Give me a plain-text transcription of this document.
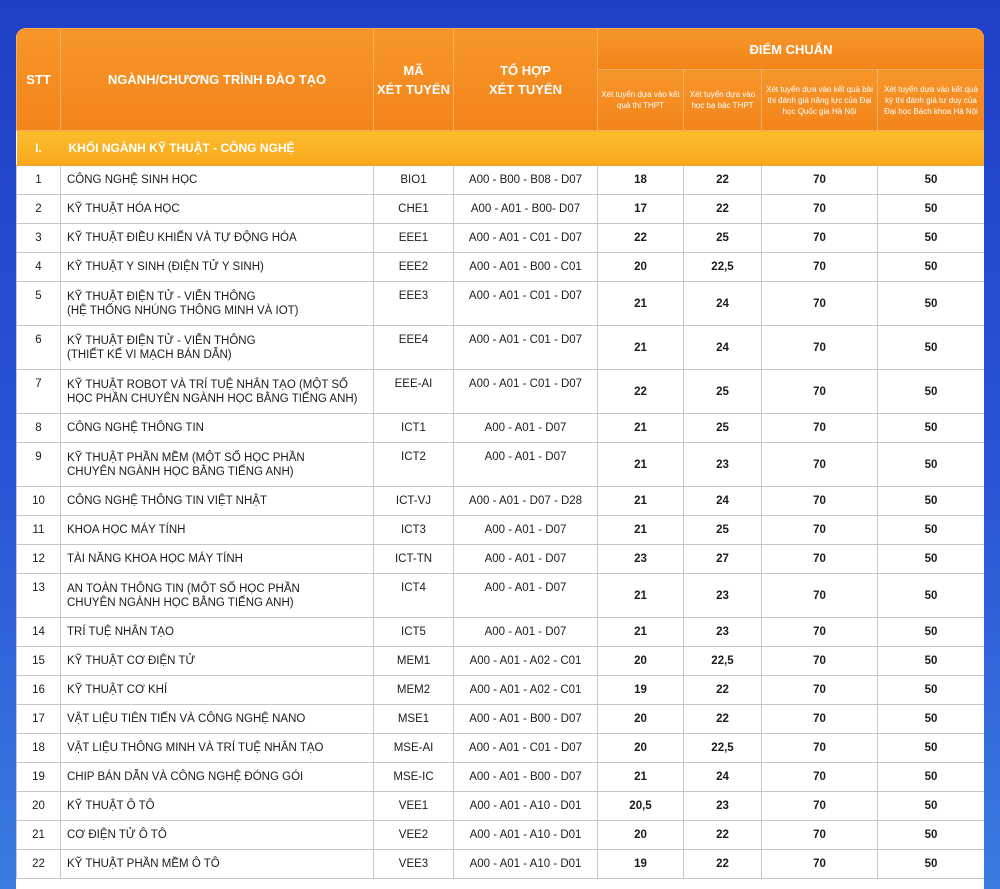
STT	NGÀNH/CHƯƠNG TRÌNH ĐÀO TẠO	MÃ
XÉT TUYỂN	TỔ HỢP
XÉT TUYỂN	ĐIỂM CHUẨN			
				Xét tuyển dựa vào kết quả thi THPT	Xét tuyển dựa vào học bạ bậc THPT	Xét tuyển dựa vào kết quả bài thi đánh giá năng lực của Đại học Quốc gia Hà Nội	Xét tuyển dựa vào kết quả kỳ thi đánh giá tư duy của Đại học Bách khoa Hà Nội
I.	KHỐI NGÀNH KỸ THUẬT - CÔNG NGHỆ						
1	CÔNG NGHỆ SINH HỌC	BIO1	A00 - B00 - B08 - D07	18	22	70	50
2	KỸ THUẬT HÓA HỌC	CHE1	A00 - A01 - B00- D07	17	22	70	50
3	KỸ THUẬT ĐIỀU KHIỂN VÀ TỰ ĐỘNG HÓA	EEE1	A00 - A01 - C01 - D07	22	25	70	50
4	KỸ THUẬT Y SINH (ĐIỆN TỬ Y SINH)	EEE2	A00 - A01 - B00 - C01	20	22,5	70	50
5	KỸ THUẬT ĐIỆN TỬ - VIỄN THÔNG
(HỆ THỐNG NHÚNG THÔNG MINH VÀ IOT)	EEE3	A00 - A01 - C01 - D07	21	24	70	50
6	KỸ THUẬT ĐIỆN TỬ - VIỄN THÔNG
(THIẾT KẾ VI MẠCH BÁN DẪN)	EEE4	A00 - A01 - C01 - D07	21	24	70	50
7	KỸ THUẬT ROBOT VÀ TRÍ TUỆ NHÂN TẠO (MỘT SỐ
HỌC PHẦN CHUYÊN NGÀNH HỌC BẰNG TIẾNG ANH)	EEE-AI	A00 - A01 - C01 - D07	22	25	70	50
8	CÔNG NGHỆ THÔNG TIN	ICT1	A00 - A01 - D07	21	25	70	50
9	KỸ THUẬT PHẦN MỀM (MỘT SỐ HỌC PHẦN
CHUYÊN NGÀNH HỌC BẰNG TIẾNG ANH)	ICT2	A00 - A01 - D07	21	23	70	50
10	CÔNG NGHỆ THÔNG TIN VIỆT NHẬT	ICT-VJ	A00 - A01 - D07 - D28	21	24	70	50
11	KHOA HỌC MÁY TÍNH	ICT3	A00 - A01 - D07	21	25	70	50
12	TÀI NĂNG KHOA HỌC MÁY TÍNH	ICT-TN	A00 - A01 - D07	23	27	70	50
13	AN TOÀN THÔNG TIN (MỘT SỐ HỌC PHẦN
CHUYÊN NGÀNH HỌC BẰNG TIẾNG ANH)	ICT4	A00 - A01 - D07	21	23	70	50
14	TRÍ TUỆ NHÂN TẠO	ICT5	A00 - A01 - D07	21	23	70	50
15	KỸ THUẬT CƠ ĐIỆN TỬ	MEM1	A00 - A01 - A02 - C01	20	22,5	70	50
16	KỸ THUẬT CƠ KHÍ	MEM2	A00 - A01 - A02 - C01	19	22	70	50
17	VẬT LIỆU TIÊN TIẾN VÀ CÔNG NGHỆ NANO	MSE1	A00 - A01 - B00 - D07	20	22	70	50
18	VẬT LIỆU THÔNG MINH VÀ TRÍ TUỆ NHÂN TẠO	MSE-AI	A00 - A01 - C01 - D07	20	22,5	70	50
19	CHIP BÁN DẪN VÀ CÔNG NGHỆ ĐÓNG GÓI	MSE-IC	A00 - A01 - B00 - D07	21	24	70	50
20	KỸ THUẬT Ô TÔ	VEE1	A00 - A01 - A10 - D01	20,5	23	70	50
21	CƠ ĐIỆN TỬ Ô TÔ	VEE2	A00 - A01 - A10 - D01	20	22	70	50
22	KỸ THUẬT PHẦN MỀM Ô TÔ	VEE3	A00 - A01 - A10 - D01	19	22	70	50
